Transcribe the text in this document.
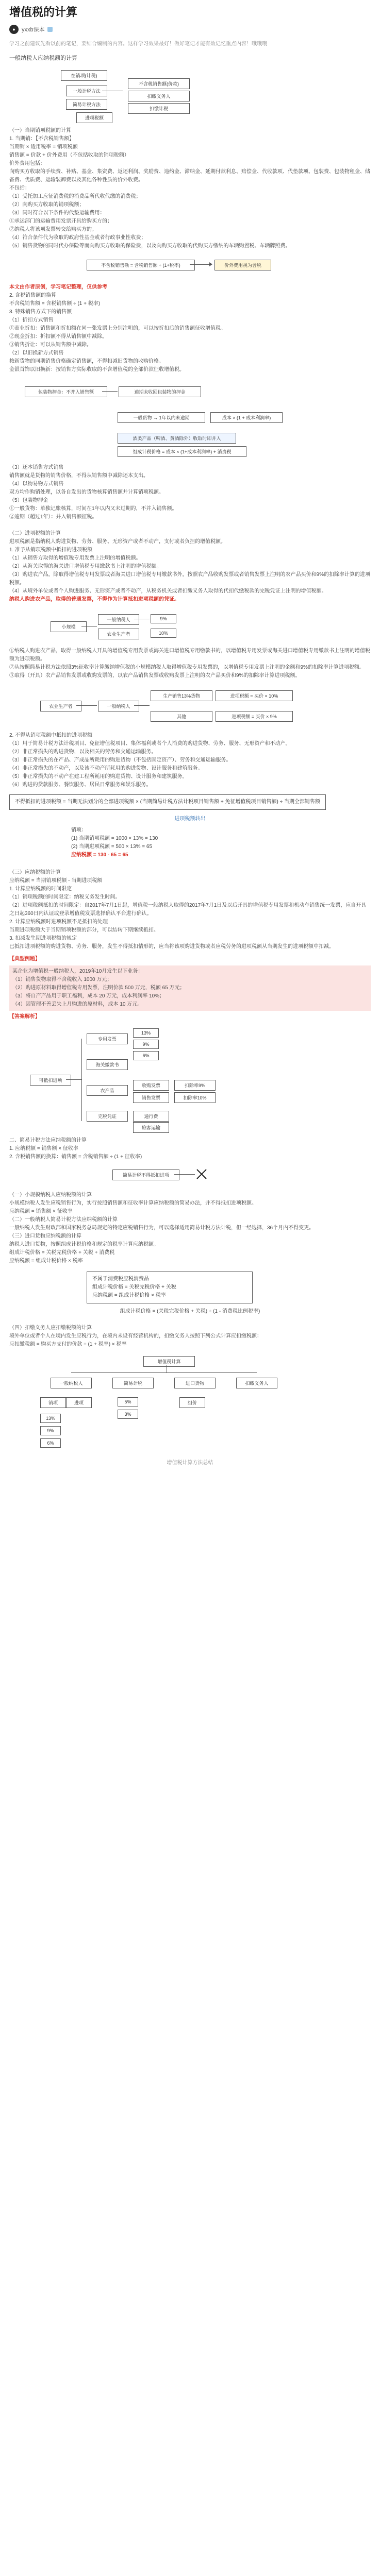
增值税的计算
●	yxxb课本
学习之前建议先看以前的笔记，要结合编制的内容。这样学习效果最好！做好笔记才能有效记忆重点内容！哦哦哦
一般纳税人应纳税额的计算
在销项(计税)
一般计税方法
简易计税方法
不含税销售额(价款)
扣缴义务人
扣缴计税
进项税额

（一）当期销项税额的计算

1. 当期销：【不含税销售额】

当期销 × 适用税率 = 销项税额

销售额 = 价款 + 价外费用（不包括收取的销项税额）

价外费用包括：

向购买方收取的手续费、补贴、基金、集资费、返还利润、奖励费、违约金、滞纳金、延期付款利息、赔偿金、代收款项、代垫款项、包装费、包装物租金、储备费、优质费、运输装卸费以及其他各种性质的价外收费。

不包括：

（1）受托加工应征消费税的消费品所代收代缴的消费税；

（2）向购买方收取的销项税额；

（3）同时符合以下条件的代垫运输费用：

①承运部门的运输费用发票开具给购买方的；

②纳税人将该项发票转交给购买方的。

（4）符合条件代为收取的政府性基金或者行政事业性收费；

（5）销售货物的同时代办保险等而向购买方收取的保险费，以及向购买方收取的代购买方缴纳的车辆购置税、车辆牌照费。

不含税销售额 = 含税销售额 ÷ (1+税率)	价外费用视为含税

本文由作者原创，学习笔记整理，仅供参考

2. 含税销售额的换算

不含税销售额 = 含税销售额 ÷ (1 + 税率)

3. 特殊销售方式下的销售额

（1）折扣方式销售

①商业折扣：销售额和折扣额在同一张发票上分别注明的，可以按折扣后的销售额征收增值税。

②现金折扣：折扣额不得从销售额中减除。

③销售折让：可以从销售额中减除。

（2）以旧换新方式销售

按新货物的同期销售价格确定销售额，不得扣减旧货物的收购价格。

金银首饰以旧换新：按销售方实际收取的不含增值税的全部价款征收增值税。

包装物押金：不并入销售额	逾期未收回包装物的押金
一般货物 → 1年以内未逾期	成本 × (1 + 成本利润率)
酒类产品（啤酒、黄酒除外）收取时即并入
组成计税价格 = 成本 × (1+成本利润率) + 消费税

（3）还本销售方式销售

销售额就是货物的销售价格，不得从销售额中减除还本支出。

（4）以物易物方式销售

双方均作购销处理，以各自发出的货物核算销售额并计算销项税额。

（5）包装物押金

①一般货物：单独记账核算，时间在1年以内又未过期的，不并入销售额。

②逾期（超过1年）：并入销售额征税。

（二）进项税额的计算

进项税额是指纳税人购进货物、劳务、服务、无形资产或者不动产，支付或者负担的增值税额。

1. 准予从销项税额中抵扣的进项税额

（1）从销售方取得的增值税专用发票上注明的增值税额。

（2）从海关取得的海关进口增值税专用缴款书上注明的增值税额。

（3）购进农产品，除取得增值税专用发票或者海关进口增值税专用缴款书外，按照农产品收购发票或者销售发票上注明的农产品买价和9%的扣除率计算的进项税额。

（4）从境外单位或者个人购进服务、无形资产或者不动产，从税务机关或者扣缴义务人取得的代扣代缴税款的完税凭证上注明的增值税额。

纳税人购进农产品，取得的普通发票，不得作为计算抵扣进项税额的凭证。

小规模
一般纳税人
农业生产者
9%
10%

①纳税人购进农产品，取得一般纳税人开具的增值税专用发票或海关进口增值税专用缴款书的，以增值税专用发票或海关进口增值税专用缴款书上注明的增值税额为进项税额。

②从按照简易计税方法依照3%征收率计算缴纳增值税的小规模纳税人取得增值税专用发票的，以增值税专用发票上注明的金额和9%的扣除率计算进项税额。

③取得（开具）农产品销售发票或收购发票的，以农产品销售发票或收购发票上注明的农产品买价和9%的扣除率计算进项税额。

农业生产者	一般纳税人
生产销售13%货物
其他
进项税额 = 买价 × 10%
进项税额 = 买价 × 9%

2. 不得从销项税额中抵扣的进项税额

（1）用于简易计税方法计税项目、免征增值税项目、集体福利或者个人消费的购进货物、劳务、服务、无形资产和不动产。

（2）非正常损失的购进货物，以及相关的劳务和交通运输服务。

（3）非正常损失的在产品、产成品所耗用的购进货物（不包括固定资产）、劳务和交通运输服务。

（4）非正常损失的不动产，以及该不动产所耗用的购进货物、设计服务和建筑服务。

（5）非正常损失的不动产在建工程所耗用的购进货物、设计服务和建筑服务。

（6）购进的贷款服务、餐饮服务、居民日常服务和娱乐服务。

不得抵扣的进项税额 = 当期无法划分的全部进项税额 × (当期简易计税方法计税项目销售额 + 免征增值税项目销售额) ÷ 当期全部销售额

进项税额转出

销项：

(1) 当期销项税额 = 1000 × 13% = 130

(2) 当期进项税额 = 500 × 13% = 65

应纳税额 = 130 - 65 = 65

（三）应纳税额的计算

应纳税额 = 当期销项税额 - 当期进项税额

1. 计算应纳税额的时间限定

（1）销项税额的时间限定：纳税义务发生时间。

（2）进项税额抵扣的时间限定：自2017年7月1日起，增值税一般纳税人取得的2017年7月1日及以后开具的增值税专用发票和机动车销售统一发票，应自开具之日起360日内认证或登录增值税发票选择确认平台进行确认。

2. 计算应纳税额时进项税额不足抵扣的处理

当期进项税额大于当期销项税额的部分，可以结转下期继续抵扣。

3. 扣减发生期进项税额的规定

已抵扣进项税额的购进货物、劳务、服务，发生不得抵扣情形的，应当将该项购进货物或者应税劳务的进项税额从当期发生的进项税额中扣减。

【典型例题】

某企业为增值税一般纳税人，2019年10月发生以下业务：

（1）销售货物取得不含税收入 1000 万元；

（2）购进原材料取得增值税专用发票，注明价款 500 万元，税额 65 万元；

（3）将自产产品用于职工福利，成本 20 万元，成本利润率 10%；

（4）因管理不善丢失上月购进的原材料，成本 10 万元。

【答案解析】

可抵扣进项
专用发票
海关缴款书
农产品
完税凭证
13%
9%
6%
收购发票
销售发票
扣除率9%
扣除率10%
通行费
旅客运输

二、简易计税方法应纳税额的计算

1. 应纳税额 = 销售额 × 征收率

2. 含税销售额的换算：销售额 = 含税销售额 ÷ (1 + 征收率)

简易计税不得抵扣进项

（一）小规模纳税人应纳税额的计算

小规模纳税人发生应税销售行为，实行按照销售额和征收率计算应纳税额的简易办法，并不得抵扣进项税额。

应纳税额 = 销售额 × 征收率

（二）一般纳税人简易计税方法应纳税额的计算

一般纳税人发生财政部和国家税务总局规定的特定应税销售行为，可以选择适用简易计税方法计税，但一经选择，36个月内不得变更。

（三）进口货物应纳税额的计算

纳税人进口货物，按照组成计税价格和规定的税率计算应纳税额。

组成计税价格 = 关税完税价格 + 关税 + 消费税

应纳税额 = 组成计税价格 × 税率

不属于消费税应税消费品
组成计税价格 = 关税完税价格 + 关税
应纳税额 = 组成计税价格 × 税率

组成计税价格 = (关税完税价格 + 关税) ÷ (1 - 消费税比例税率)

（四）扣缴义务人应扣缴税额的计算

境外单位或者个人在境内发生应税行为，在境内未设有经营机构的，扣缴义务人按照下列公式计算应扣缴税额：

应扣缴税额 = 购买方支付的价款 ÷ (1 + 税率) × 税率

增值税计算
一般纳税人	简易计税	进口货物	扣缴义务人
销项	进项
13%
9%
6%
5%
3%
组价

增值税计算方法总结
